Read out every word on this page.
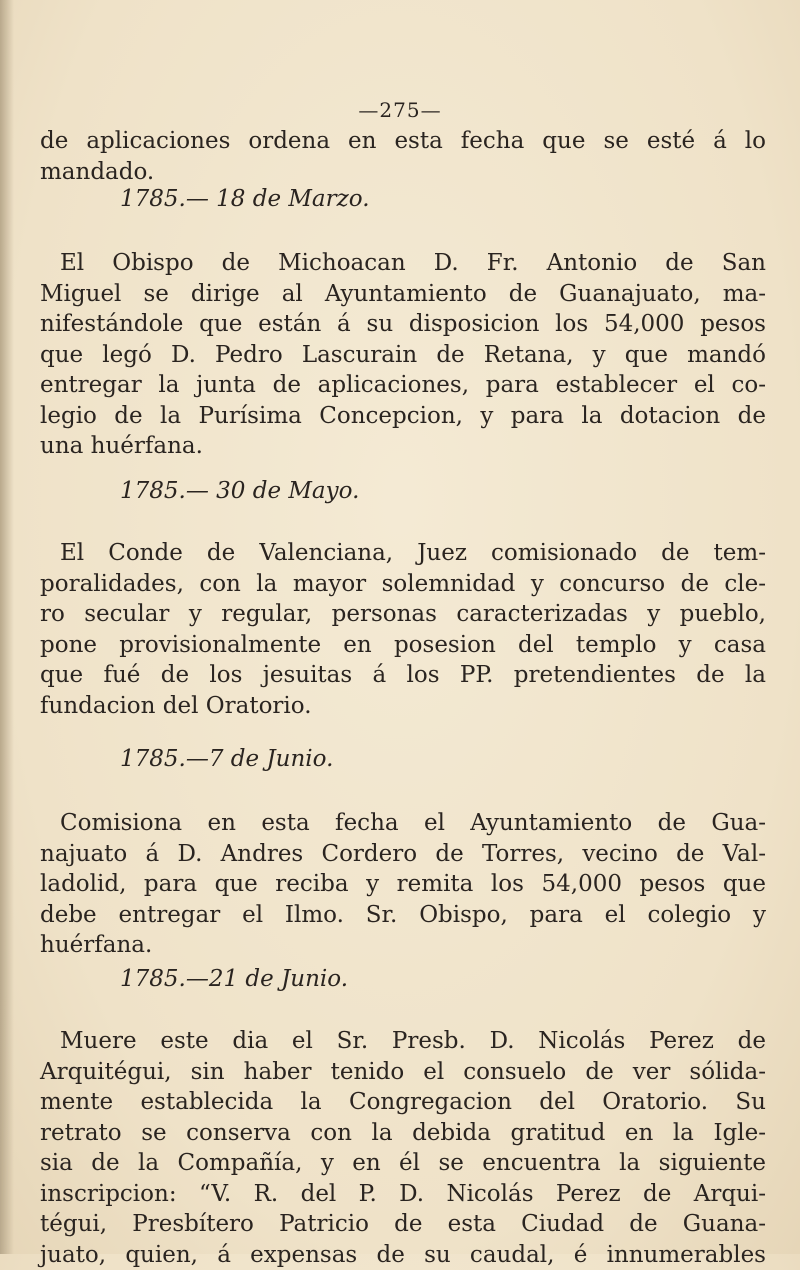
—275—
de aplicaciones ordena en esta fecha que se esté á lo
mandado.
1785.— 18 de Marzo.
El Obispo de Michoacan D. Fr. Antonio de San
Miguel se dirige al Ayuntamiento de Guanajuato, ma-
nifestándole que están á su disposicion los 54,000 pesos
que legó D. Pedro Lascurain de Retana, y que mandó
entregar la junta de aplicaciones, para establecer el co-
legio de la Purísima Concepcion, y para la dotacion de
una huérfana.
1785.— 30 de Mayo.
El Conde de Valenciana, Juez comisionado de tem-
poralidades, con la mayor solemnidad y concurso de cle-
ro secular y regular, personas caracterizadas y pueblo,
pone provisionalmente en posesion del templo y casa
que fué de los jesuitas á los PP. pretendientes de la
fundacion del Oratorio.
1785.—7 de Junio.
Comisiona en esta fecha el Ayuntamiento de Gua-
najuato á D. Andres Cordero de Torres, vecino de Val-
ladolid, para que reciba y remita los 54,000 pesos que
debe entregar el Ilmo. Sr. Obispo, para el colegio y
huérfana.
1785.—21 de Junio.
Muere este dia el Sr. Presb. D. Nicolás Perez de
Arquitégui, sin haber tenido el consuelo de ver sólida-
mente establecida la Congregacion del Oratorio. Su
retrato se conserva con la debida gratitud en la Igle-
sia de la Compañía, y en él se encuentra la siguiente
inscripcion: “V. R. del P. D. Nicolás Perez de Arqui-
tégui, Presbítero Patricio de esta Ciudad de Guana-
juato, quien, á expensas de su caudal, é innumerables
